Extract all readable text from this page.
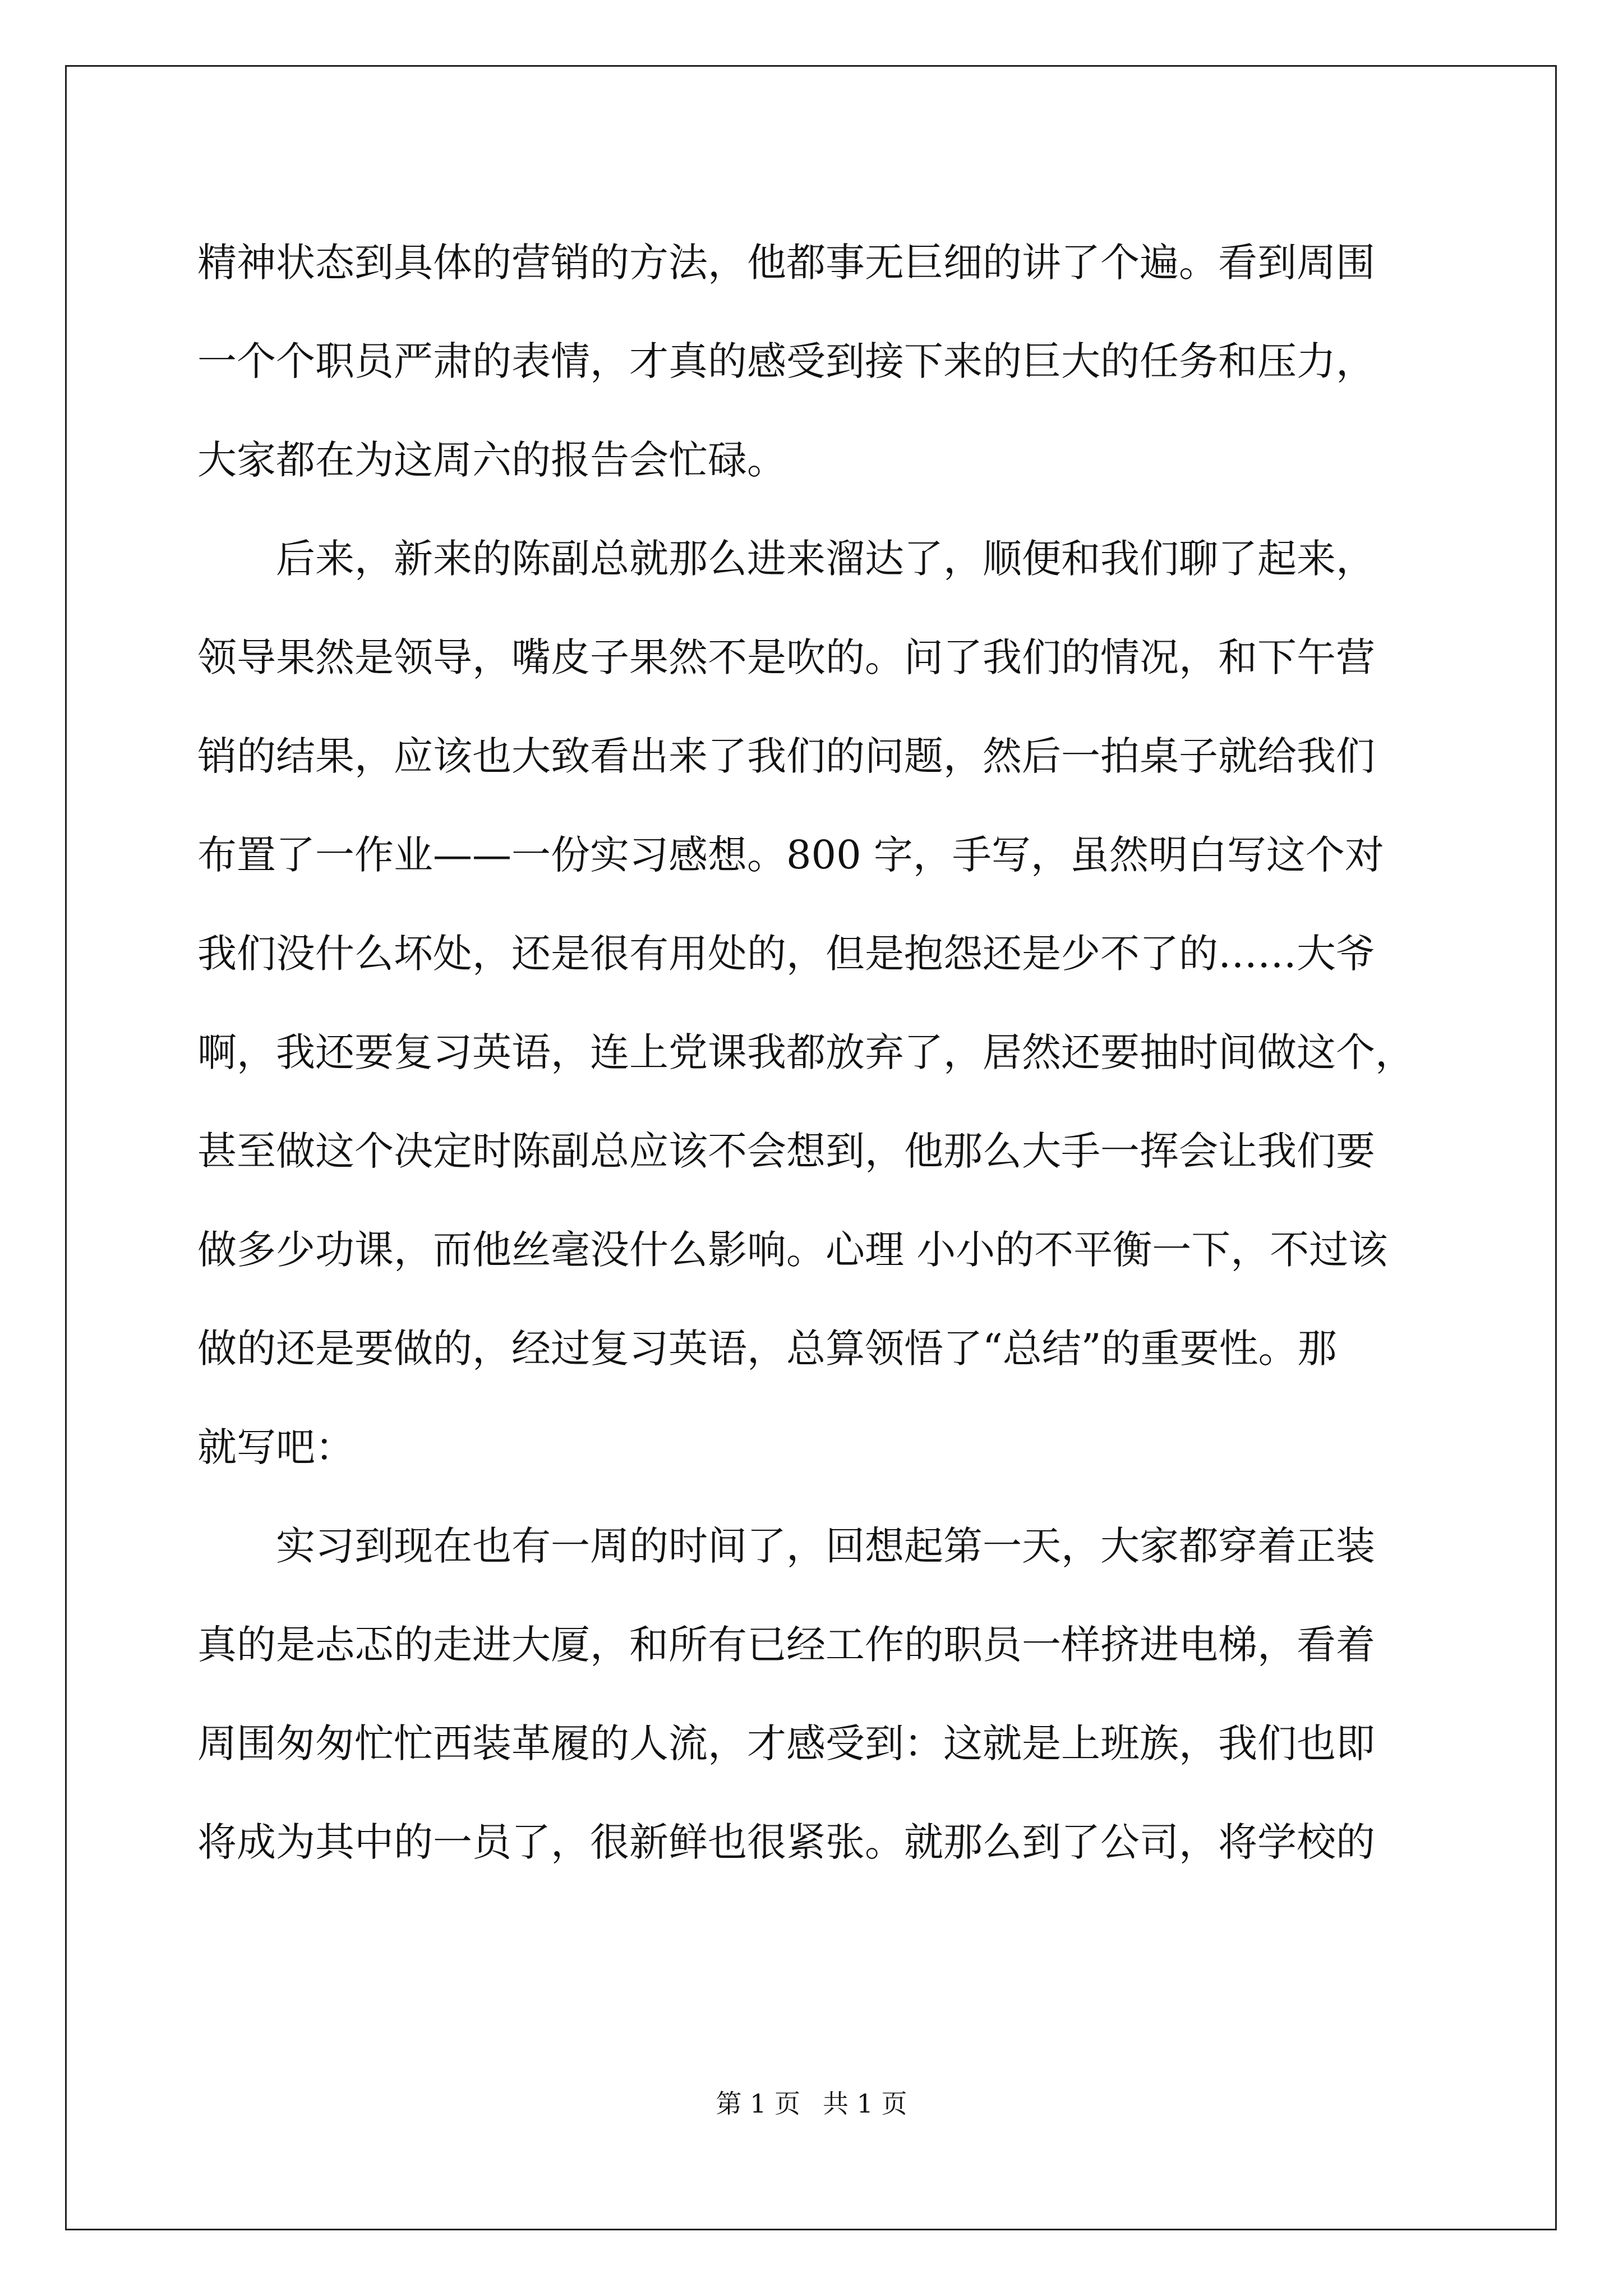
精神状态到具体的营销的方法，他都事无巨细的讲了个遍。看到周围
一个个职员严肃的表情，才真的感受到接下来的巨大的任务和压力，
大家都在为这周六的报告会忙碌。
后来，新来的陈副总就那么进来溜达了，顺便和我们聊了起来，
领导果然是领导，嘴皮子果然不是吹的。问了我们的情况，和下午营
销的结果，应该也大致看出来了我们的问题，然后一拍桌子就给我们
布置了一作业——一份实习感想。800 字，手写，虽然明白写这个对
我们没什么坏处，还是很有用处的，但是抱怨还是少不了的……大爷
啊，我还要复习英语，连上党课我都放弃了，居然还要抽时间做这个，
甚至做这个决定时陈副总应该不会想到，他那么大手一挥会让我们要
做多少功课，而他丝毫没什么影响。心理 小小的不平衡一下，不过该
做的还是要做的，经过复习英语，总算领悟了“总结”的重要性。那
就写吧：
实习到现在也有一周的时间了，回想起第一天，大家都穿着正装
真的是忐忑的走进大厦，和所有已经工作的职员一样挤进电梯，看着
周围匆匆忙忙西装革履的人流，才感受到：这就是上班族，我们也即
将成为其中的一员了，很新鲜也很紧张。就那么到了公司，将学校的
第 1 页 共 1 页
